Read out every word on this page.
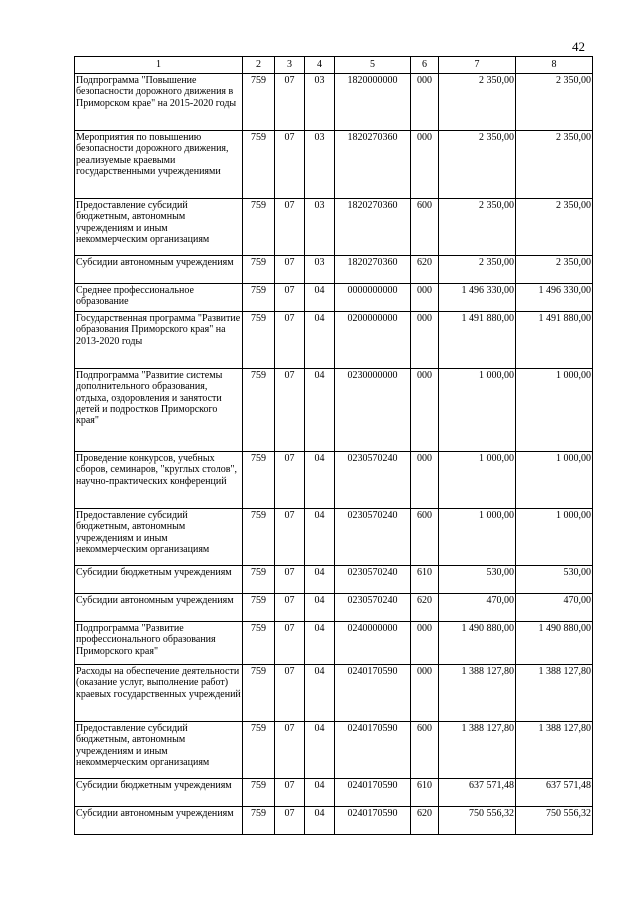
42
1	2	3	4	5	6	7	8
Подпрограмма "Повышение безопасности дорожного движения в Приморском крае" на 2015-2020 годы	759	07	03	1820000000	000	2 350,00	2 350,00
Мероприятия по повышению безопасности дорожного движения, реализуемые краевыми государственными учреждениями	759	07	03	1820270360	000	2 350,00	2 350,00
Предоставление субсидий бюджетным, автономным учреждениям и иным некоммерческим организациям	759	07	03	1820270360	600	2 350,00	2 350,00
Субсидии автономным учреждениям	759	07	03	1820270360	620	2 350,00	2 350,00
Среднее профессиональное образование	759	07	04	0000000000	000	1 496 330,00	1 496 330,00
Государственная программа "Развитие образования Приморского края" на 2013-2020 годы	759	07	04	0200000000	000	1 491 880,00	1 491 880,00
Подпрограмма "Развитие системы дополнительного образования, отдыха, оздоровления и занятости детей и подростков Приморского края"	759	07	04	0230000000	000	1 000,00	1 000,00
Проведение конкурсов, учебных сборов, семинаров, "круглых столов", научно-практических конференций	759	07	04	0230570240	000	1 000,00	1 000,00
Предоставление субсидий бюджетным, автономным учреждениям и иным некоммерческим организациям	759	07	04	0230570240	600	1 000,00	1 000,00
Субсидии бюджетным учреждениям	759	07	04	0230570240	610	530,00	530,00
Субсидии автономным учреждениям	759	07	04	0230570240	620	470,00	470,00
Подпрограмма "Развитие профессионального образования Приморского края"	759	07	04	0240000000	000	1 490 880,00	1 490 880,00
Расходы на обеспечение деятельности (оказание услуг, выполнение работ) краевых государственных учреждений	759	07	04	0240170590	000	1 388 127,80	1 388 127,80
Предоставление субсидий бюджетным, автономным учреждениям и иным некоммерческим организациям	759	07	04	0240170590	600	1 388 127,80	1 388 127,80
Субсидии бюджетным учреждениям	759	07	04	0240170590	610	637 571,48	637 571,48
Субсидии автономным учреждениям	759	07	04	0240170590	620	750 556,32	750 556,32
